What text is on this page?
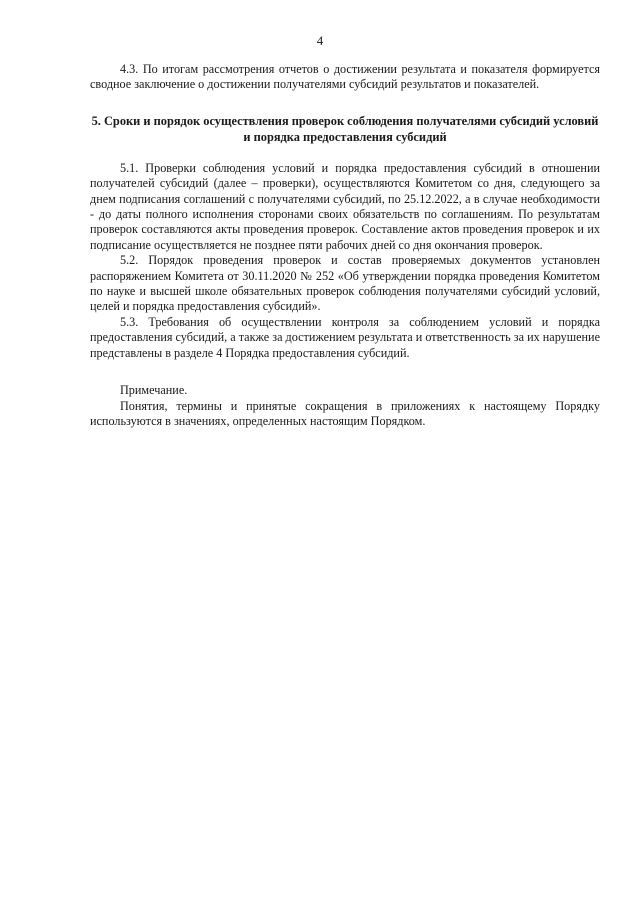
4

4.3. По итогам рассмотрения отчетов о достижении результата и показателя формируется сводное заключение о достижении получателями субсидий результатов и показателей.

5. Сроки и порядок осуществления проверок соблюдения получателями субсидий условий и порядка предоставления субсидий

5.1. Проверки соблюдения условий и порядка предоставления субсидий в отношении получателей субсидий (далее – проверки), осуществляются Комитетом со дня, следующего за днем подписания соглашений с получателями субсидий, по 25.12.2022, а в случае необходимости - до даты полного исполнения сторонами своих обязательств по соглашениям. По результатам проверок составляются акты проведения проверок. Составление актов проведения проверок и их подписание осуществляется не позднее пяти рабочих дней со дня окончания проверок.

5.2. Порядок проведения проверок и состав проверяемых документов установлен распоряжением Комитета от 30.11.2020 № 252 «Об утверждении порядка проведения Комитетом по науке и высшей школе обязательных проверок соблюдения получателями субсидий условий, целей и порядка предоставления субсидий».

5.3. Требования об осуществлении контроля за соблюдением условий и порядка предоставления субсидий, а также за достижением результата и ответственность за их нарушение представлены в разделе 4 Порядка предоставления субсидий.

Примечание.

Понятия, термины и принятые сокращения в приложениях к настоящему Порядку используются в значениях, определенных настоящим Порядком.
